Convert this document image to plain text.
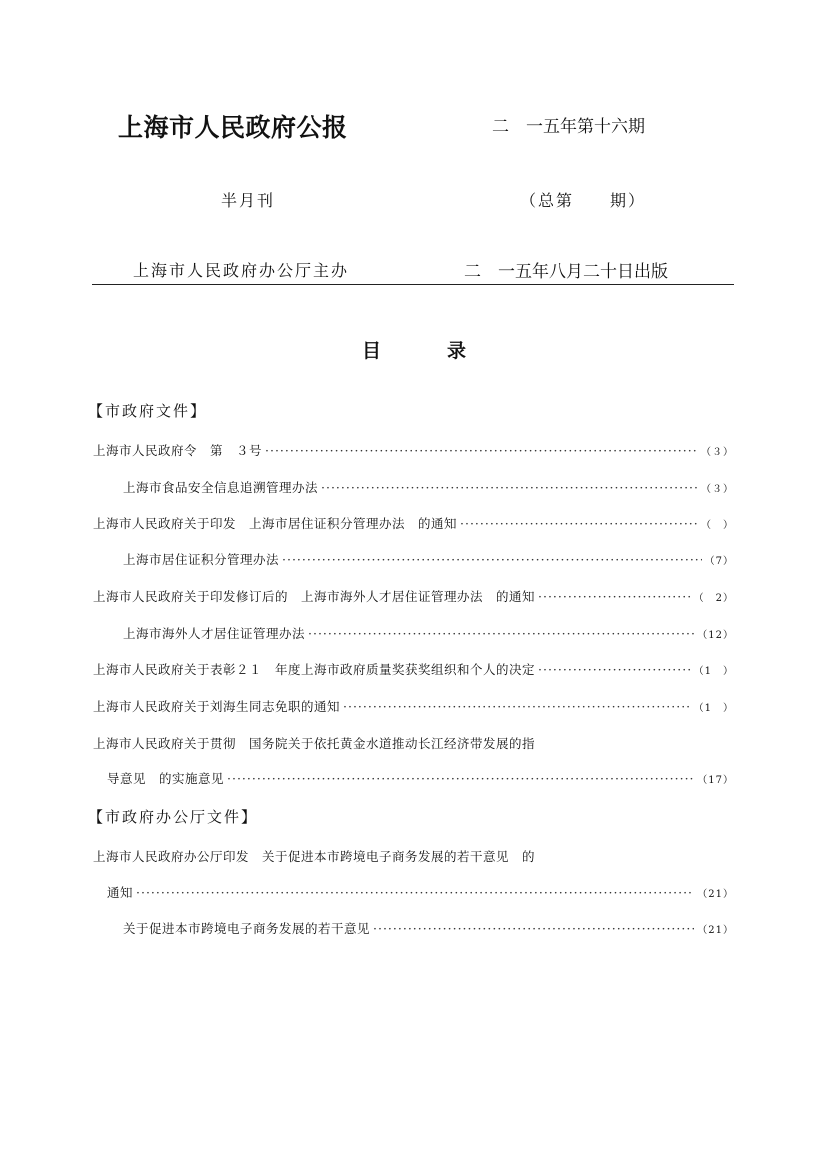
上海市人民政府公报	二　一五年第十六期
半月刊	（总第　　期）
上海市人民政府办公厅主办	二　一五年八月二十日出版
目	录
【市政府文件】
上海市人民政府令　第　３号 ·····	（３）
上海市食品安全信息追溯管理办法 ·····	（３）
上海市人民政府关于印发　上海市居住证积分管理办法　的通知 ·····	（　）
上海市居住证积分管理办法 ·····	（7）
上海市人民政府关于印发修订后的　上海市海外人才居住证管理办法　的通知 ·····	（　2）
上海市海外人才居住证管理办法 ·····	（12）
上海市人民政府关于表彰２１　年度上海市政府质量奖获奖组织和个人的决定 ·····	（1　）
上海市人民政府关于刘海生同志免职的通知 ·····	（1　）
上海市人民政府关于贯彻　国务院关于依托黄金水道推动长江经济带发展的指
导意见　的实施意见 ·····	（17）
【市政府办公厅文件】
上海市人民政府办公厅印发　关于促进本市跨境电子商务发展的若干意见　的
通知 ·····	（21）
关于促进本市跨境电子商务发展的若干意见 ·····	（21）
